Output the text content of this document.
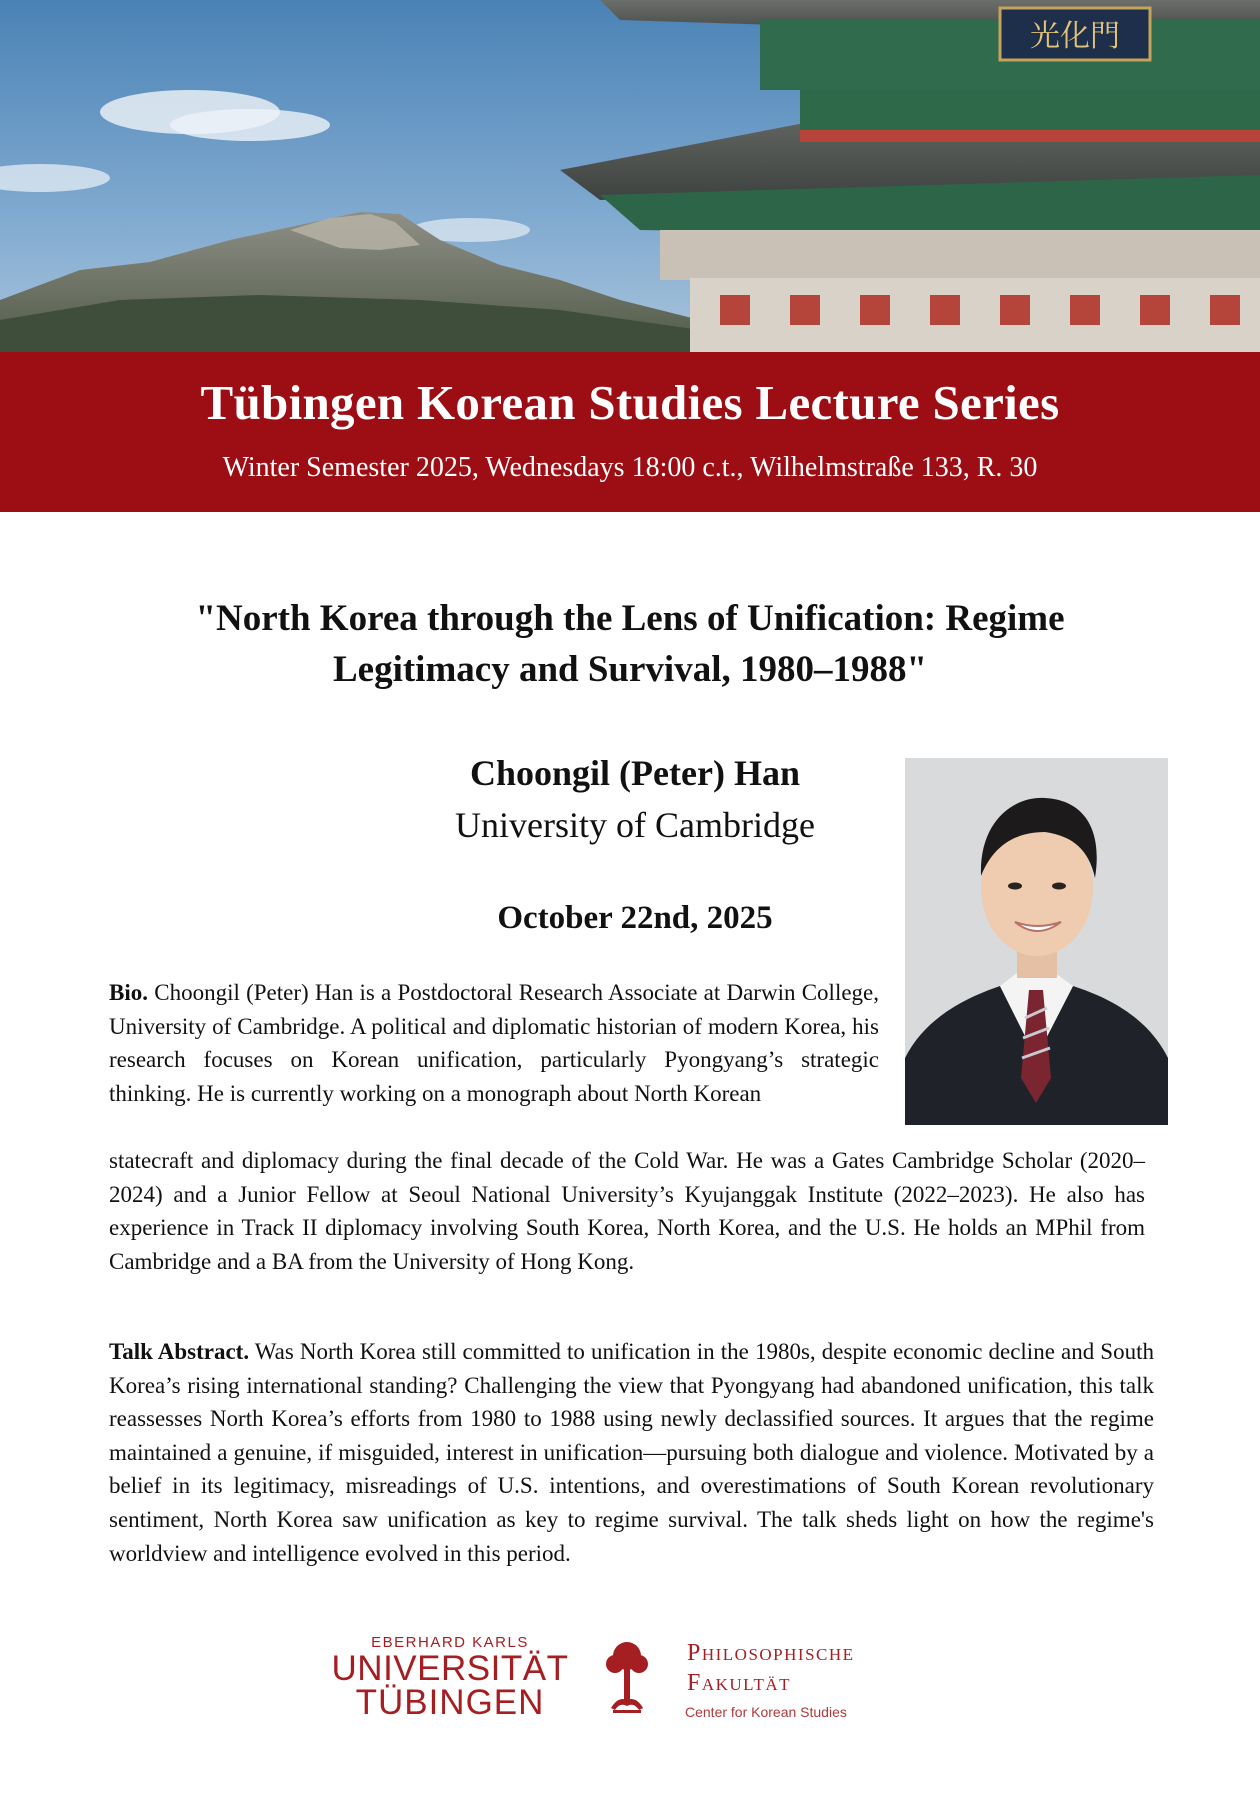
光化門
Tübingen Korean Studies Lecture Series
Winter Semester 2025, Wednesdays 18:00 c.t., Wilhelmstraße 133, R. 30
"North Korea through the Lens of Unification: Regime
Legitimacy and Survival, 1980–1988"
Choongil (Peter) Han
University of Cambridge
October 22nd, 2025
Bio. Choongil (Peter) Han is a Postdoctoral Research Associate at Darwin College, University of Cambridge. A political and diplomatic historian of modern Korea, his research focuses on Korean unification, particularly Pyongyang’s strategic thinking. He is currently working on a monograph about North Korean
statecraft and diplomacy during the final decade of the Cold War. He was a Gates Cambridge Scholar (2020–2024) and a Junior Fellow at Seoul National University’s Kyujanggak Institute (2022–2023). He also has experience in Track II diplomacy involving South Korea, North Korea, and the U.S. He holds an MPhil from Cambridge and a BA from the University of Hong Kong.
Talk Abstract. Was North Korea still committed to unification in the 1980s, despite economic decline and South Korea’s rising international standing? Challenging the view that Pyongyang had abandoned unification, this talk reassesses North Korea’s efforts from 1980 to 1988 using newly declassified sources. It argues that the regime maintained a genuine, if misguided, interest in unification—pursuing both dialogue and violence. Motivated by a belief in its legitimacy, misreadings of U.S. intentions, and overestimations of South Korean revolutionary sentiment, North Korea saw unification as key to regime survival. The talk sheds light on how the regime's worldview and intelligence evolved in this period.
EBERHARD KARLS
UNIVERSITÄT
TÜBINGEN
Philosophische
Fakultät
Center for Korean Studies
